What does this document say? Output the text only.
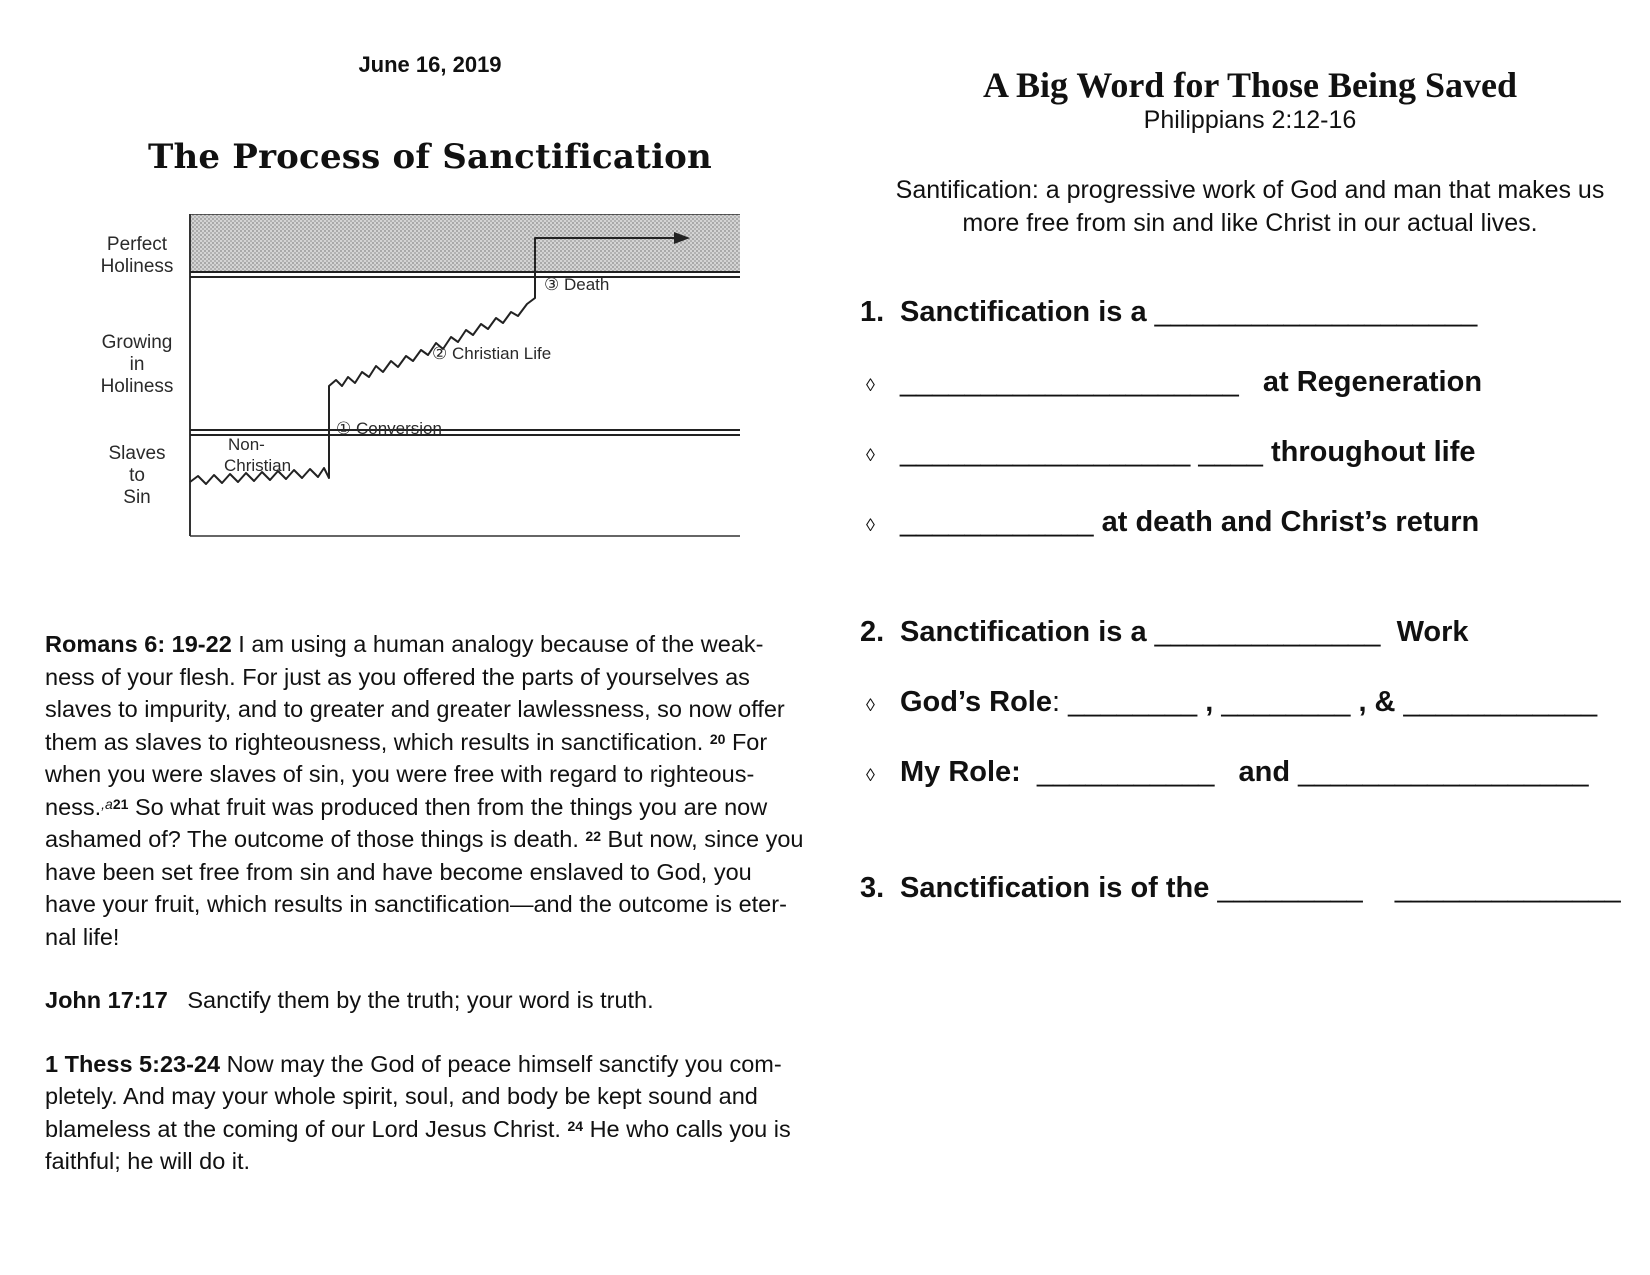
June 16, 2019
The Process of Sanctification
Perfect
Holiness
Growing
in
Holiness
Slaves
to
Sin
Non-
Christian
① Conversion
② Christian Life
③ Death

Romans 6: 19-22 I am using a human analogy because of the weak-ness of your flesh. For just as you offered the parts of yourselves as slaves to impurity, and to greater and greater lawlessness, so now offer them as slaves to righteousness, which results in sanctification. $^{20}$ For when you were slaves of sin, you were free with regard to righteous-ness.$^{,a21}$ So what fruit was produced then from the things you are now ashamed of? The outcome of those things is death. $^{22}$ But now, since you have been set free from sin and have become enslaved to God, you have your fruit, which results in sanctification—and the outcome is eter-nal life!

John 17:17   Sanctify them by the truth; your word is truth.

1 Thess 5:23-24 Now may the God of peace himself sanctify you com-pletely. And may your whole spirit, soul, and body be kept sound and blameless at the coming of our Lord Jesus Christ. $^{24}$ He who calls you is faithful; he will do it.

A Big Word for Those Being Saved
Philippians 2:12-16
Santification: a progressive work of God and man that makes us more free from sin and like Christ in our actual lives.
1. Sanctification is a ____________________
◊ _____________________   at Regeneration
◊ __________________ ____ throughout life
◊ ____________ at death and Christ’s return
2. Sanctification is a ______________  Work
◊ God’s Role: ________ , ________ , & ____________
◊ My Role:  ___________   and __________________
3. Sanctification is of the _________    ______________
